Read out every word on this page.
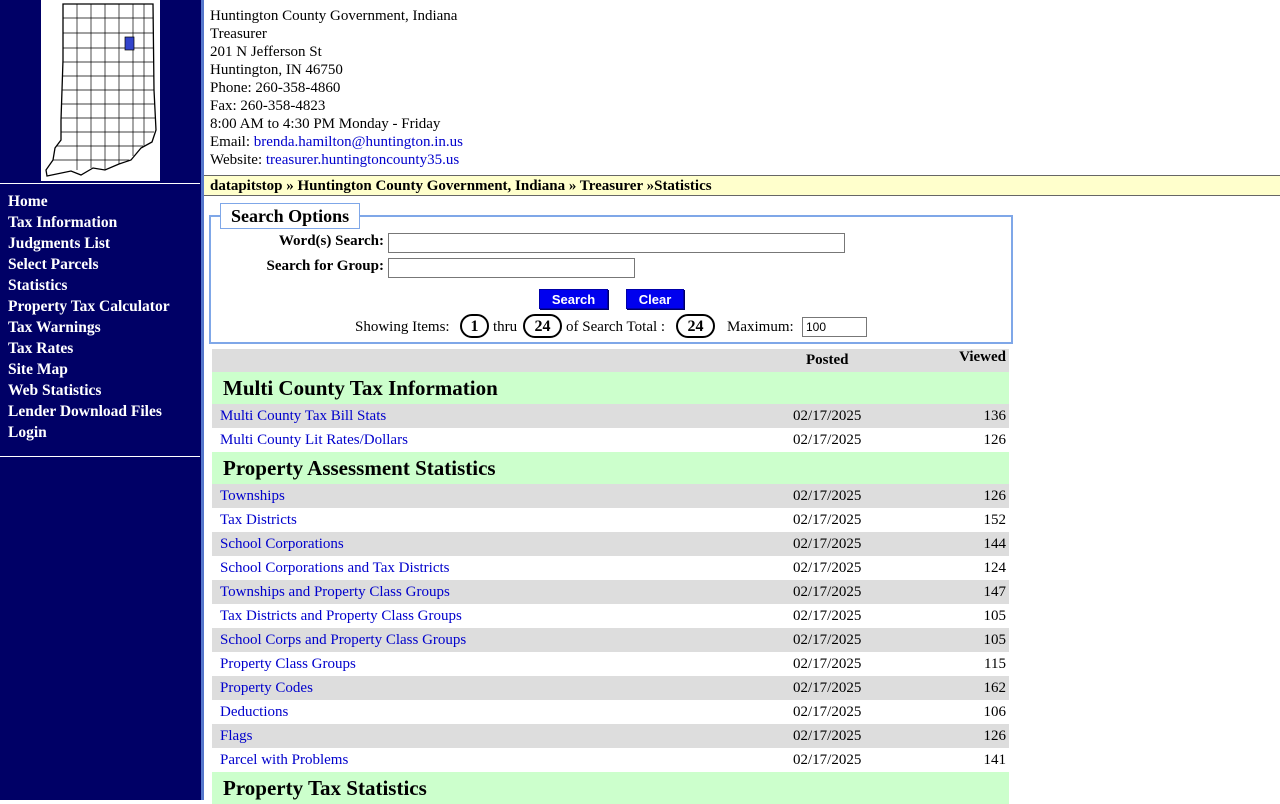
Home
Tax Information
Judgments List
Select Parcels
Statistics
Property Tax Calculator
Tax Warnings
Tax Rates
Site Map
Web Statistics
Lender Download Files
Login
Huntington County Government, Indiana
Treasurer
201 N Jefferson St
Huntington, IN 46750
Phone: 260-358-4860
Fax: 260-358-4823
8:00 AM to 4:30 PM Monday - Friday
Email: brenda.hamilton@huntington.in.us
Website: treasurer.huntingtoncounty35.us
datapitstop » Huntington County Government, Indiana » Treasurer »Statistics
Search Options
Word(s) Search:
Search for Group:
Search	Clear
Showing Items:	1 thru	24	of Search Total :	24	Maximum:
100
Posted	Viewed
Multi County Tax Information
Multi County Tax Bill Stats	02/17/2025	136
Multi County Lit Rates/Dollars	02/17/2025	126
Property Assessment Statistics
Townships	02/17/2025	126
Tax Districts	02/17/2025	152
School Corporations	02/17/2025	144
School Corporations and Tax Districts	02/17/2025	124
Townships and Property Class Groups	02/17/2025	147
Tax Districts and Property Class Groups	02/17/2025	105
School Corps and Property Class Groups	02/17/2025	105
Property Class Groups	02/17/2025	115
Property Codes	02/17/2025	162
Deductions	02/17/2025	106
Flags	02/17/2025	126
Parcel with Problems	02/17/2025	141
Property Tax Statistics
